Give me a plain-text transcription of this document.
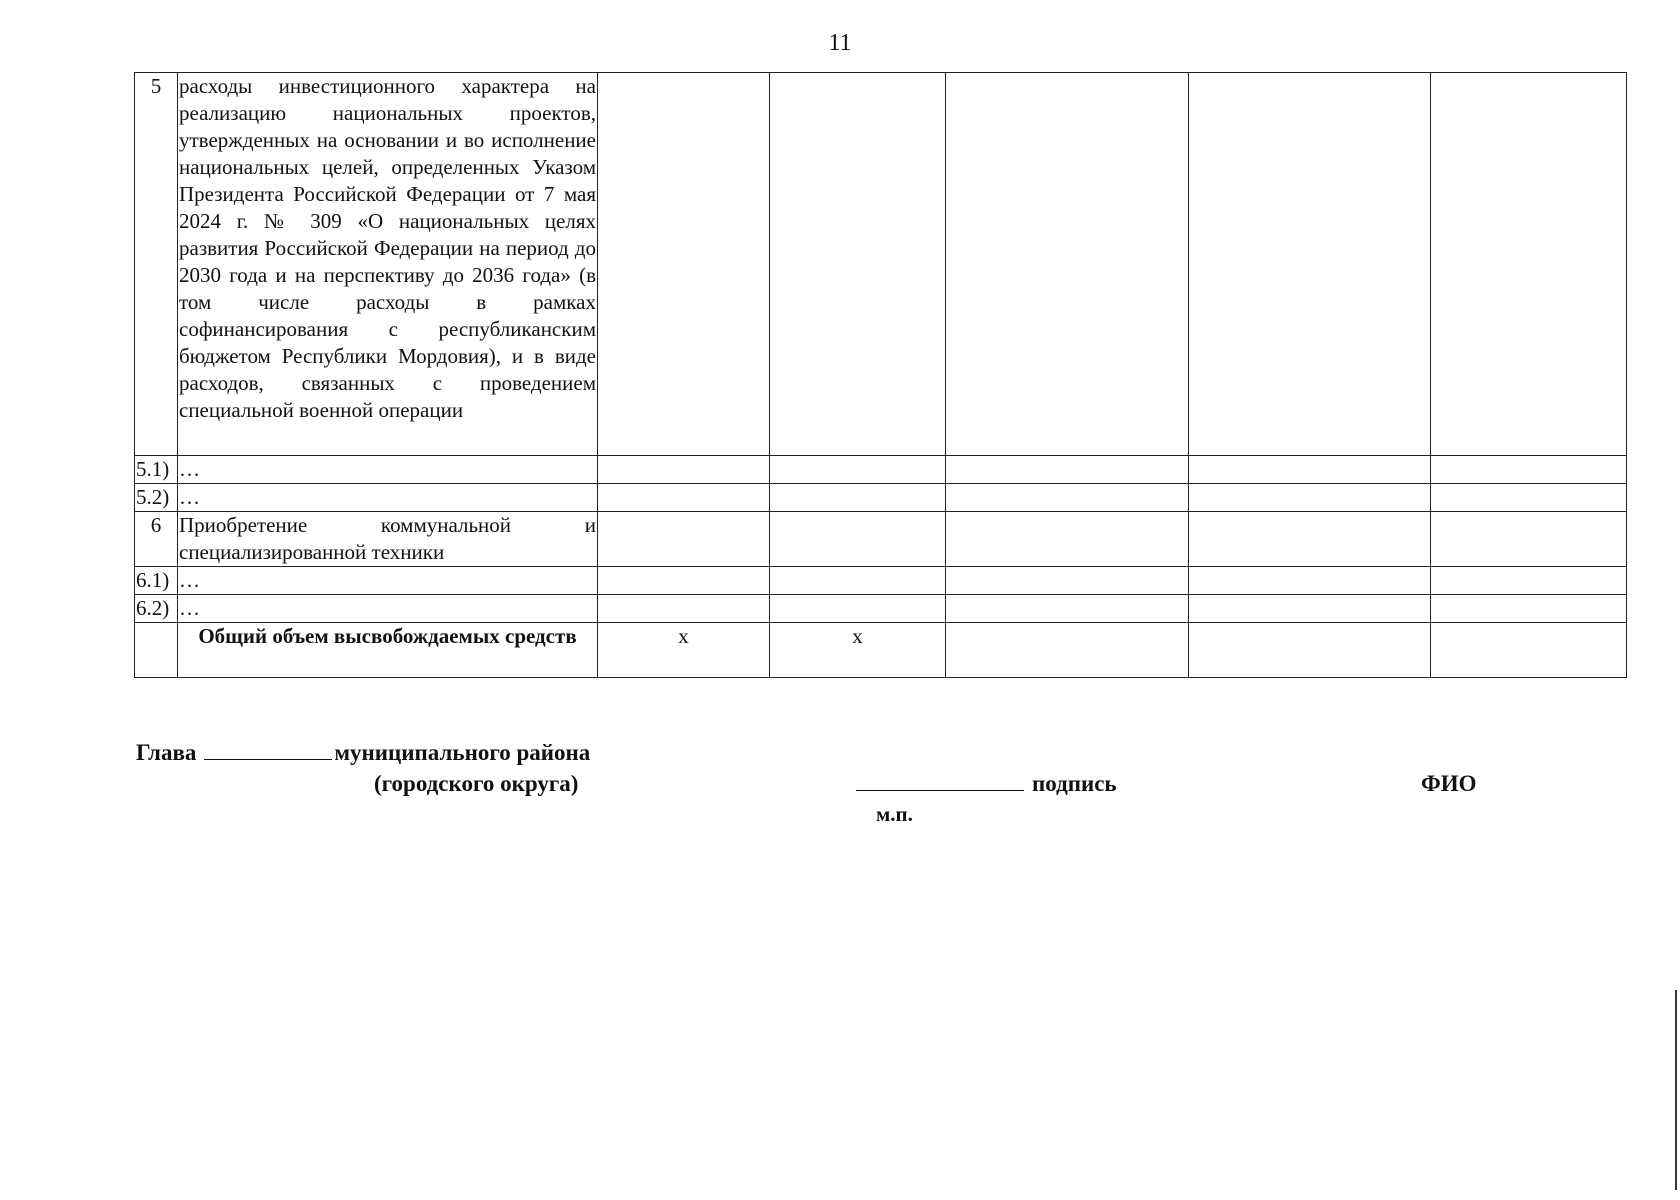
11
5	расходы инвестиционного характера на реализацию национальных проектов, утвержденных на основании и во исполнение национальных целей, определенных Указом Президента Российской Федерации от 7 мая 2024 г. № 309 «О национальных целях развития Российской Федерации на период до 2030 года и на перспективу до 2036 года» (в том числе расходы в рамках софинансирования с республиканским бюджетом Республики Мордовия), и в виде расходов, связанных с проведением специальной военной операции					
5.1)	…					
5.2)	…					
6	Приобретение коммунальной и специализированной техники					
6.1)	…					
6.2)	…					
	Общий объем высвобождаемых средств	х	х			
Глава	муниципального района
(городского округа)	подпись	ФИО
м.п.
